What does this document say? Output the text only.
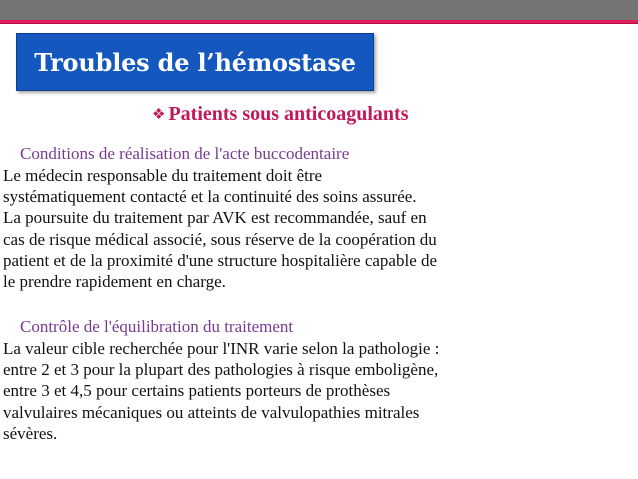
Troubles de l’hémostase
❖ Patients sous anticoagulants
Conditions de réalisation de l'acte buccodentaire
Le médecin responsable du traitement doit être
systématiquement contacté et la continuité des soins assurée.
La poursuite du traitement par AVK est recommandée, sauf en
cas de risque médical associé, sous réserve de la coopération du
patient et de la proximité d'une structure hospitalière capable de
le prendre rapidement en charge.
Contrôle de l'équilibration du traitement
La valeur cible recherchée pour l'INR varie selon la pathologie :
entre 2 et 3 pour la plupart des pathologies à risque emboligène,
entre 3 et 4,5 pour certains patients porteurs de prothèses
valvulaires mécaniques ou atteints de valvulopathies mitrales
sévères.
